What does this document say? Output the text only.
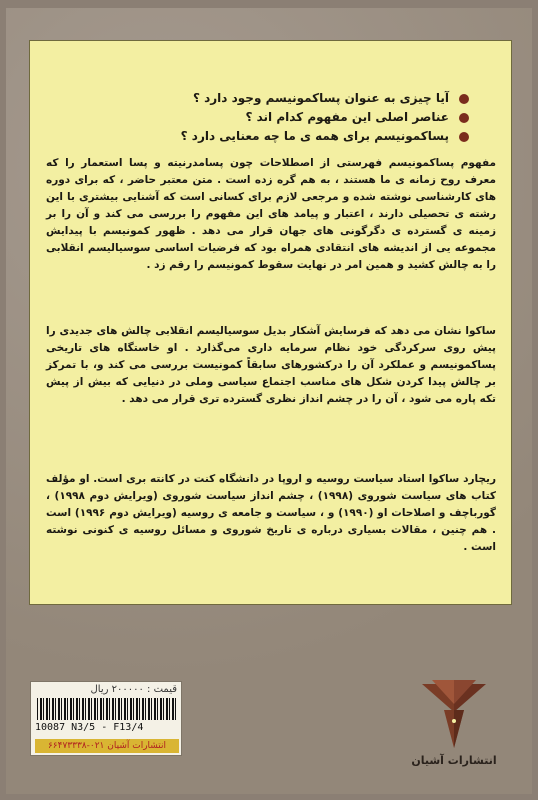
آیا چیزی به عنوان پساکمونیسم وجود دارد ؟
عناصر اصلی این مفهوم کدام اند ؟
پساکمونیسم برای همه ی ما چه معنایی دارد ؟
مفهوم پساکمونیسم فهرستی از اصطلاحات چون پسامدرنیته و پسا استعمار را که معرف روح زمانه ی ما هستند ، به هم گره زده است . متن معتبر حاضر ، که برای دوره های کارشناسی نوشته شده و مرجعی لازم برای کسانی است که آشنایی بیشتری با این رشته ی تحصیلی دارند ، اعتبار و پیامد های این مفهوم را بررسی می کند و آن را بر زمینه ی گسترده ی دگرگونی های جهان قرار می دهد . ظهور کمونیسم با پیدایش مجموعه یی از اندیشه های انتقادی همراه بود که فرضیات اساسی سوسیالیسم انقلابی را به چالش کشید و همین امر در نهایت سقوط کمونیسم را رقم زد .
ساکوا نشان می دهد که فرسایش آشکار بدیل سوسیالیسم انقلابی چالش های جدیدی را پیش روی سرکردگی خود نظام سرمایه داری می‌گذارد . او خاستگاه های تاریخی پساکمونیسم و عملکرد آن را درکشورهای سابقاً کمونیست بررسی می کند و، با تمرکز بر چالش پیدا کردن شکل های مناسب اجتماع سیاسی وملی در دنیایی که بیش از پیش تکه پاره می شود ، آن را در چشم انداز نظری گسترده تری قرار می دهد .
ریچارد ساکوا استاد سیاست روسیه و اروپا در دانشگاه کنت در کانته بری است. او مؤلف کتاب های سیاست شوروی (۱۹۹۸) ، چشم انداز سیاست شوروی (ویرایش دوم ۱۹۹۸) ، گورباچف و اصلاحات او (۱۹۹۰) و ، سیاست و جامعه ی روسیه (ویرایش دوم ۱۹۹۶) است . هم چنین ، مقالات بسیاری درباره ی تاریخ شوروی و مسائل روسیه ی کنونی نوشته است .
قیمت : ۲۰۰۰۰۰ ریال
10087 N3/5 - F13/4
انتشارات آشیان ۰۲۱-۶۶۴۷۳۳۳۸
انتشارات آشیان
